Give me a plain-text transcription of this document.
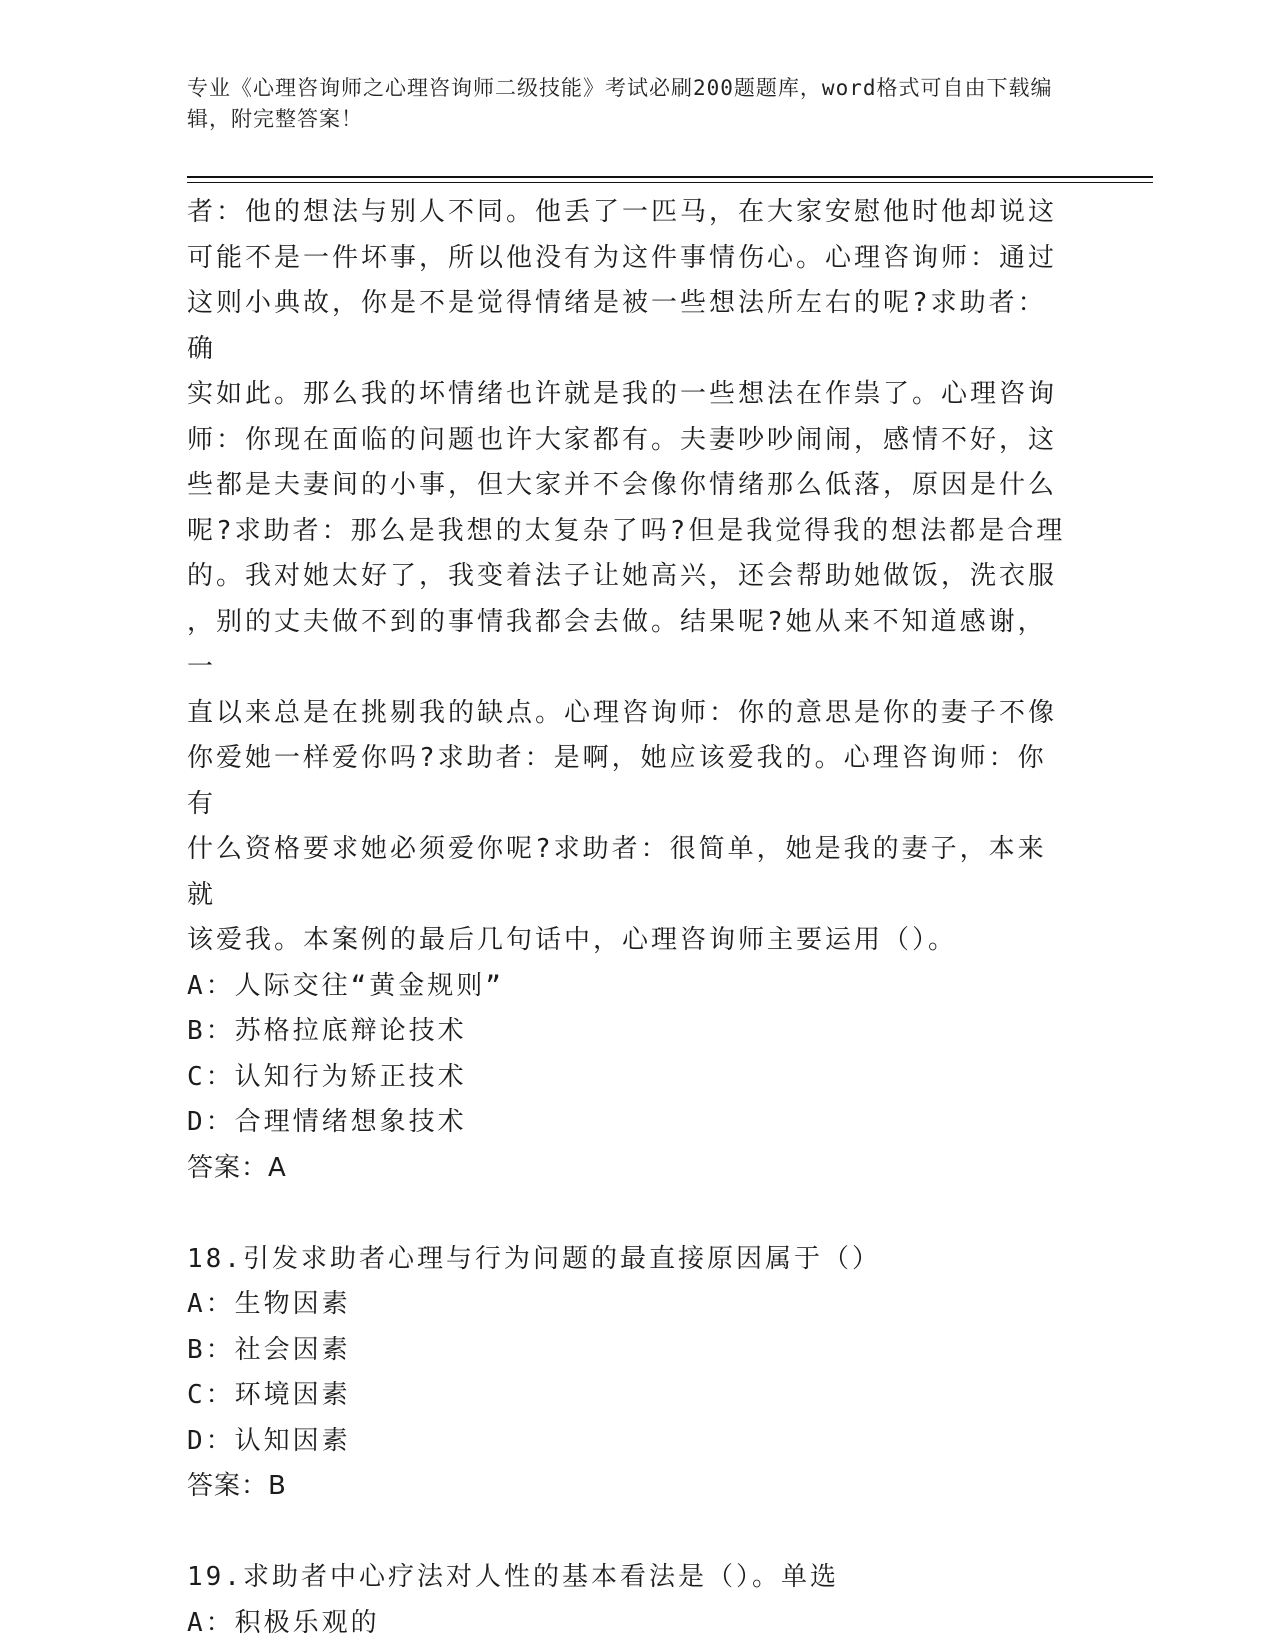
专业《心理咨询师之心理咨询师二级技能》考试必刷200题题库，word格式可自由下载编辑，附完整答案！

者：他的想法与别人不同。他丢了一匹马，在大家安慰他时他却说这

可能不是一件坏事，所以他没有为这件事情伤心。心理咨询师：通过

这则小典故，你是不是觉得情绪是被一些想法所左右的呢?求助者：确

实如此。那么我的坏情绪也许就是我的一些想法在作祟了。心理咨询

师：你现在面临的问题也许大家都有。夫妻吵吵闹闹，感情不好，这

些都是夫妻间的小事，但大家并不会像你情绪那么低落，原因是什么

呢?求助者：那么是我想的太复杂了吗?但是我觉得我的想法都是合理

的。我对她太好了，我变着法子让她高兴，还会帮助她做饭，洗衣服

，别的丈夫做不到的事情我都会去做。结果呢?她从来不知道感谢，一

直以来总是在挑剔我的缺点。心理咨询师：你的意思是你的妻子不像

你爱她一样爱你吗?求助者：是啊，她应该爱我的。心理咨询师：你有

什么资格要求她必须爱你呢?求助者：很简单，她是我的妻子，本来就

该爱我。本案例的最后几句话中，心理咨询师主要运用（）。

A：人际交往“黄金规则”

B：苏格拉底辩论技术

C：认知行为矫正技术

D：合理情绪想象技术

答案：A

18.引发求助者心理与行为问题的最直接原因属于（）

A：生物因素

B：社会因素

C：环境因素

D：认知因素

答案：B

19.求助者中心疗法对人性的基本看法是（）。单选

A：积极乐观的
